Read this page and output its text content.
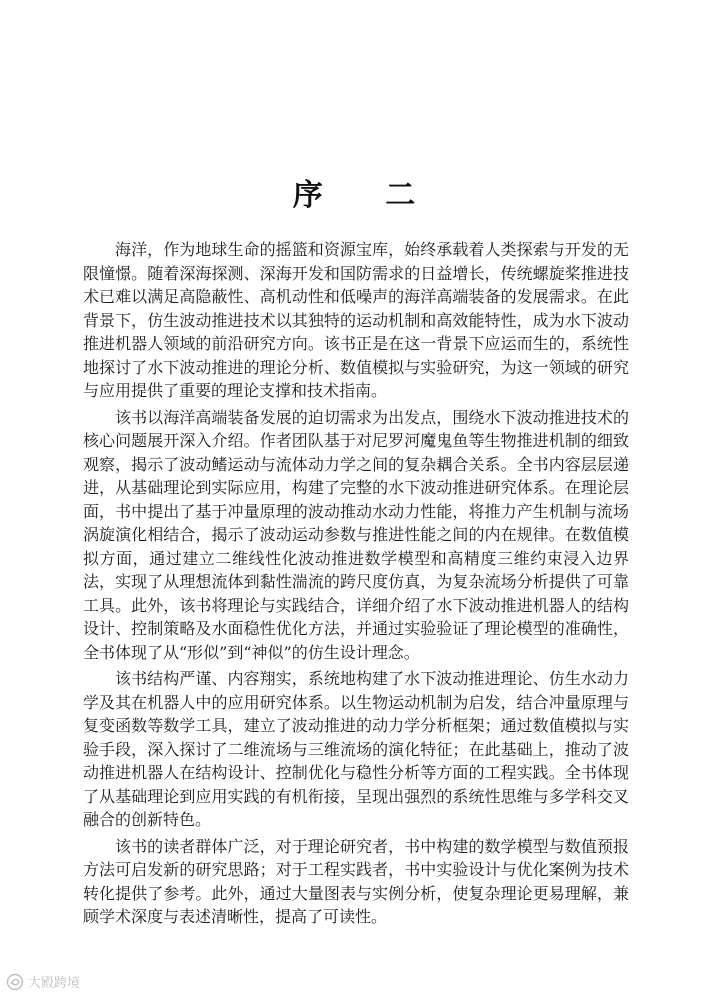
序 二

海洋，作为地球生命的摇篮和资源宝库，始终承载着人类探索与开发的无限憧憬。随着深海探测、深海开发和国防需求的日益增长，传统螺旋桨推进技术已难以满足高隐蔽性、高机动性和低噪声的海洋高端装备的发展需求。在此背景下，仿生波动推进技术以其独特的运动机制和高效能特性，成为水下波动推进机器人领域的前沿研究方向。该书正是在这一背景下应运而生的，系统性地探讨了水下波动推进的理论分析、数值模拟与实验研究，为这一领域的研究与应用提供了重要的理论支撑和技术指南。

该书以海洋高端装备发展的迫切需求为出发点，围绕水下波动推进技术的核心问题展开深入介绍。作者团队基于对尼罗河魔鬼鱼等生物推进机制的细致观察，揭示了波动鳍运动与流体动力学之间的复杂耦合关系。全书内容层层递进，从基础理论到实际应用，构建了完整的水下波动推进研究体系。在理论层面，书中提出了基于冲量原理的波动推动水动力性能，将推力产生机制与流场涡旋演化相结合，揭示了波动运动参数与推进性能之间的内在规律。在数值模拟方面，通过建立二维线性化波动推进数学模型和高精度三维约束浸入边界法，实现了从理想流体到黏性湍流的跨尺度仿真，为复杂流场分析提供了可靠工具。此外，该书将理论与实践结合，详细介绍了水下波动推进机器人的结构设计、控制策略及水面稳性优化方法，并通过实验验证了理论模型的准确性，全书体现了从“形似”到“神似”的仿生设计理念。

该书结构严谨、内容翔实，系统地构建了水下波动推进理论、仿生水动力学及其在机器人中的应用研究体系。以生物运动机制为启发，结合冲量原理与复变函数等数学工具，建立了波动推进的动力学分析框架；通过数值模拟与实验手段，深入探讨了二维流场与三维流场的演化特征；在此基础上，推动了波动推进机器人在结构设计、控制优化与稳性分析等方面的工程实践。全书体现了从基础理论到应用实践的有机衔接，呈现出强烈的系统性思维与多学科交叉融合的创新特色。

该书的读者群体广泛，对于理论研究者，书中构建的数学模型与数值预报方法可启发新的研究思路；对于工程实践者，书中实验设计与优化案例为技术转化提供了参考。此外，通过大量图表与实例分析，使复杂理论更易理解，兼顾学术深度与表述清晰性，提高了可读性。

大殿跨境
